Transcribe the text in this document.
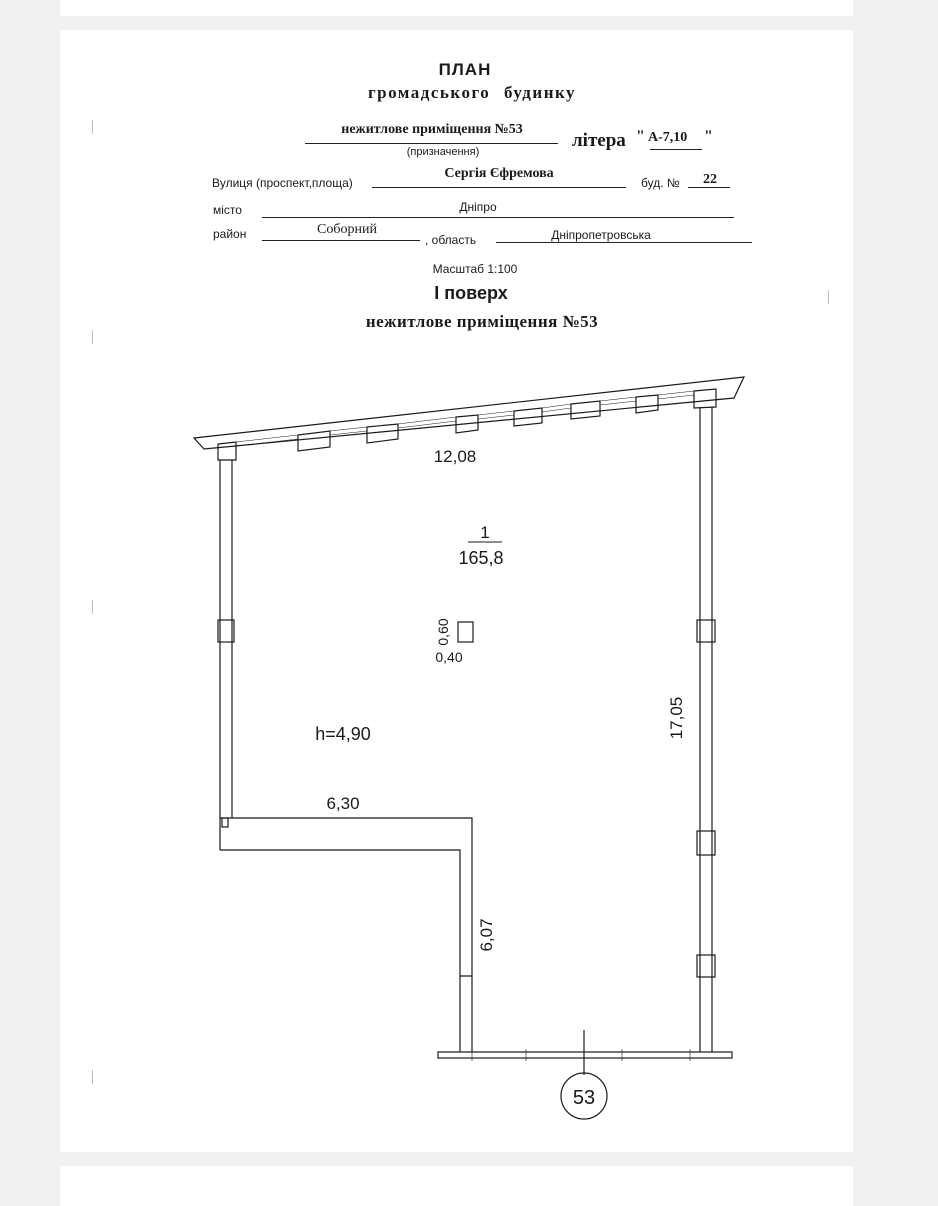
ПЛАН
громадського будинку
нежитлове приміщення №53
(призначення)
літера " А-7,10 "
Вулиця (проспект,площа)
Сергія Єфремова
буд. № 22
місто	Дніпро
район	Соборний
, область	Дніпропетровська
Масштаб 1:100
І поверх
нежитлове приміщення №53
12,08
1
165,8
0,60
0,40
h=4,90	17,05
6,30
6,07
53
